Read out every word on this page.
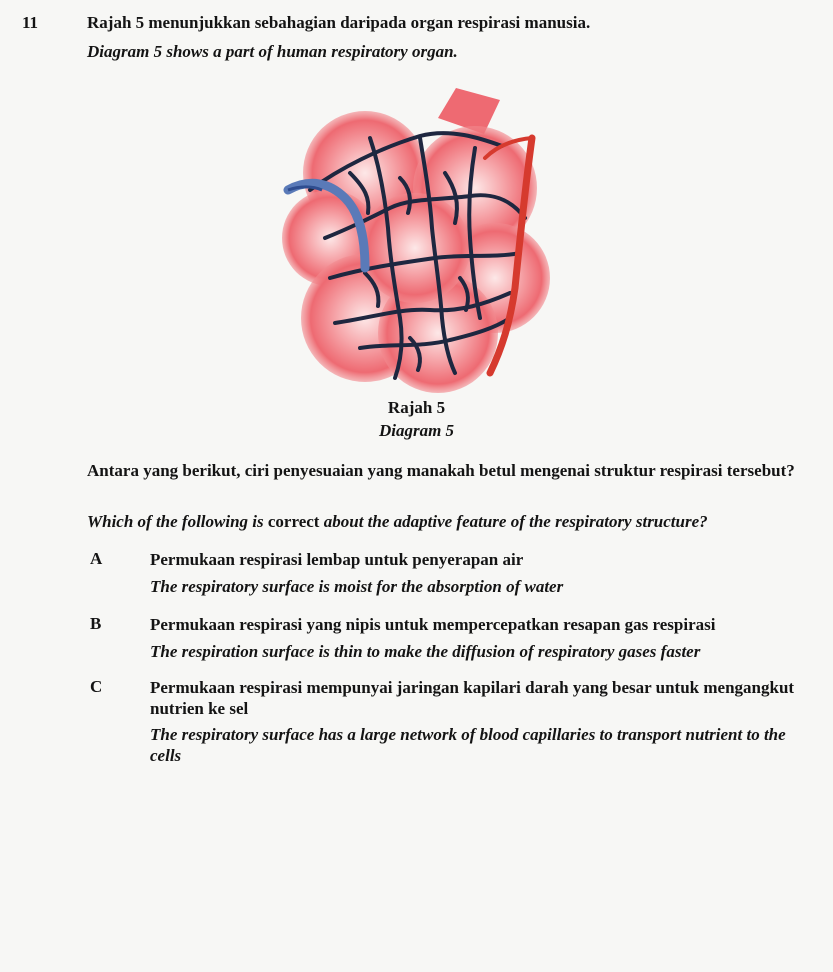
11	Rajah 5 menunjukkan sebahagian daripada organ respirasi manusia.
Diagram 5 shows a part of human respiratory organ.
Rajah 5
Diagram 5
Antara yang berikut, ciri penyesuaian yang manakah betul mengenai struktur respirasi tersebut?
Which of the following is correct about the adaptive feature of the respiratory structure?
A	Permukaan respirasi lembap untuk penyerapan air
The respiratory surface is moist for the absorption of water
B	Permukaan respirasi yang nipis untuk mempercepatkan resapan gas respirasi
The respiration surface is thin to make the diffusion of respiratory gases faster
C	Permukaan respirasi mempunyai jaringan kapilari darah yang besar untuk mengangkut nutrien ke sel
The respiratory surface has a large network of blood capillaries to transport nutrient to the cells
